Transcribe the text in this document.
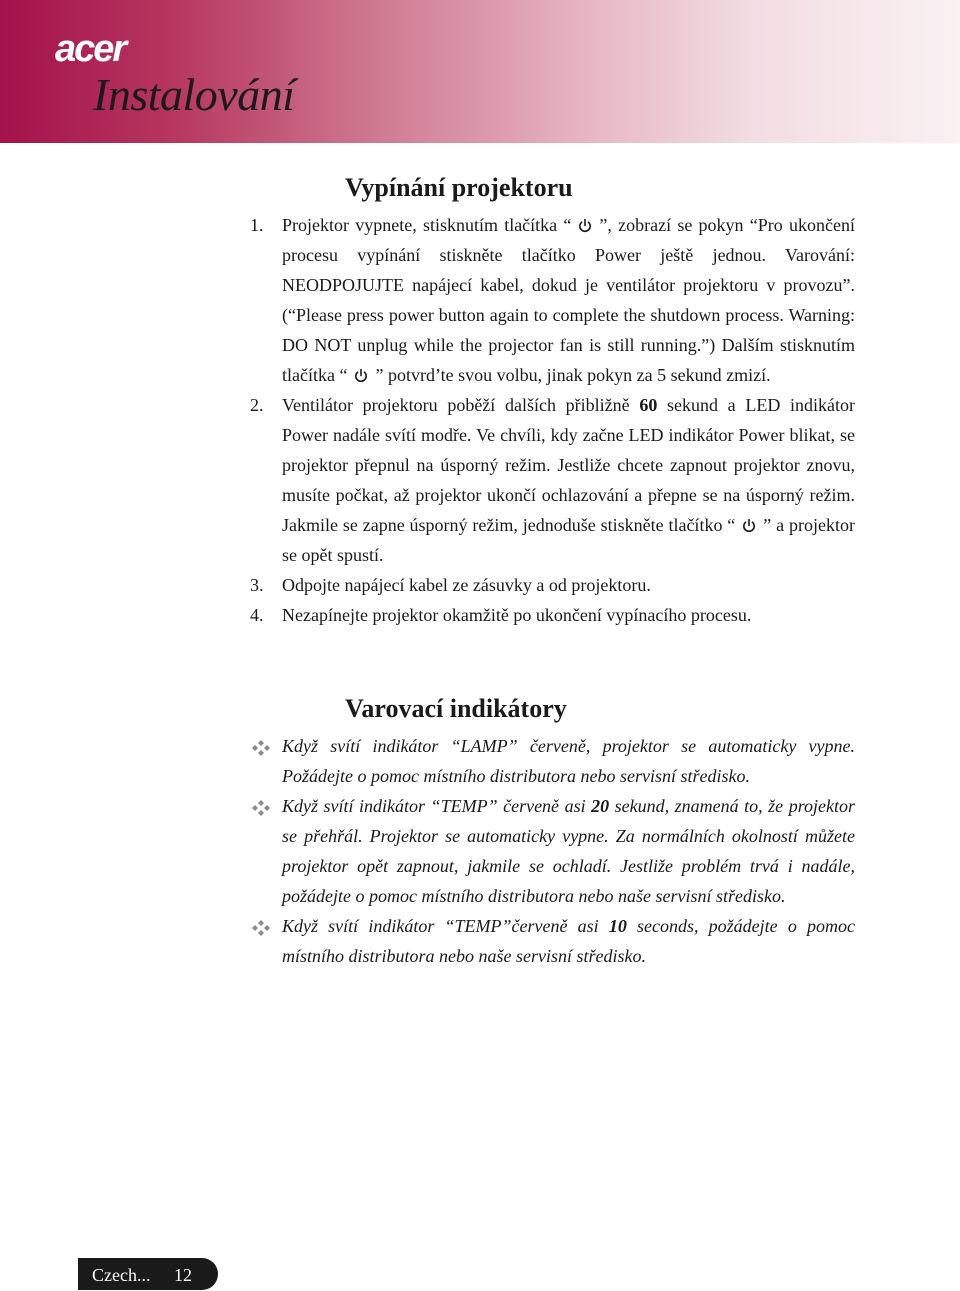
acer
Instalování
Vypínání projektoru
1. Projektor vypnete, stisknutím tlačítka “ ”, zobrazí se pokyn “Pro ukončení procesu vypínání stiskněte tlačítko Power ještě jednou. Varování: NEODPOJUJTE napájecí kabel, dokud je ventilátor projektoru v provozu”. (“Please press power button again to complete the shutdown process. Warning: DO NOT unplug while the projector fan is still running.”) Dalším stisknutím tlačítka “ ” potvrd’te svou volbu, jinak pokyn za 5 sekund zmizí.
2. Ventilátor projektoru poběží dalších přibližně 60 sekund a LED indikátor Power nadále svítí modře. Ve chvíli, kdy začne LED indikátor Power blikat, se projektor přepnul na úsporný režim. Jestliže chcete zapnout projektor znovu, musíte počkat, až projektor ukončí ochlazování a přepne se na úsporný režim. Jakmile se zapne úsporný režim, jednoduše stiskněte tlačítko “ ” a projektor se opět spustí.
3. Odpojte napájecí kabel ze zásuvky a od projektoru.
4. Nezapínejte projektor okamžitě po ukončení vypínacího procesu.
Varovací indikátory
Když svítí indikátor “LAMP” červeně, projektor se automaticky vypne. Požádejte o pomoc místního distributora nebo servisní středisko.
Když svítí indikátor “TEMP” červeně asi 20 sekund, znamená to, že projektor se přehřál. Projektor se automaticky vypne. Za normálních okolností můžete projektor opět zapnout, jakmile se ochladí. Jestliže problém trvá i nadále, požádejte o pomoc místního distributora nebo naše servisní středisko.
Když svítí indikátor “TEMP”červeně asi 10 seconds, požádejte o pomoc místního distributora nebo naše servisní středisko.
Czech... 12
